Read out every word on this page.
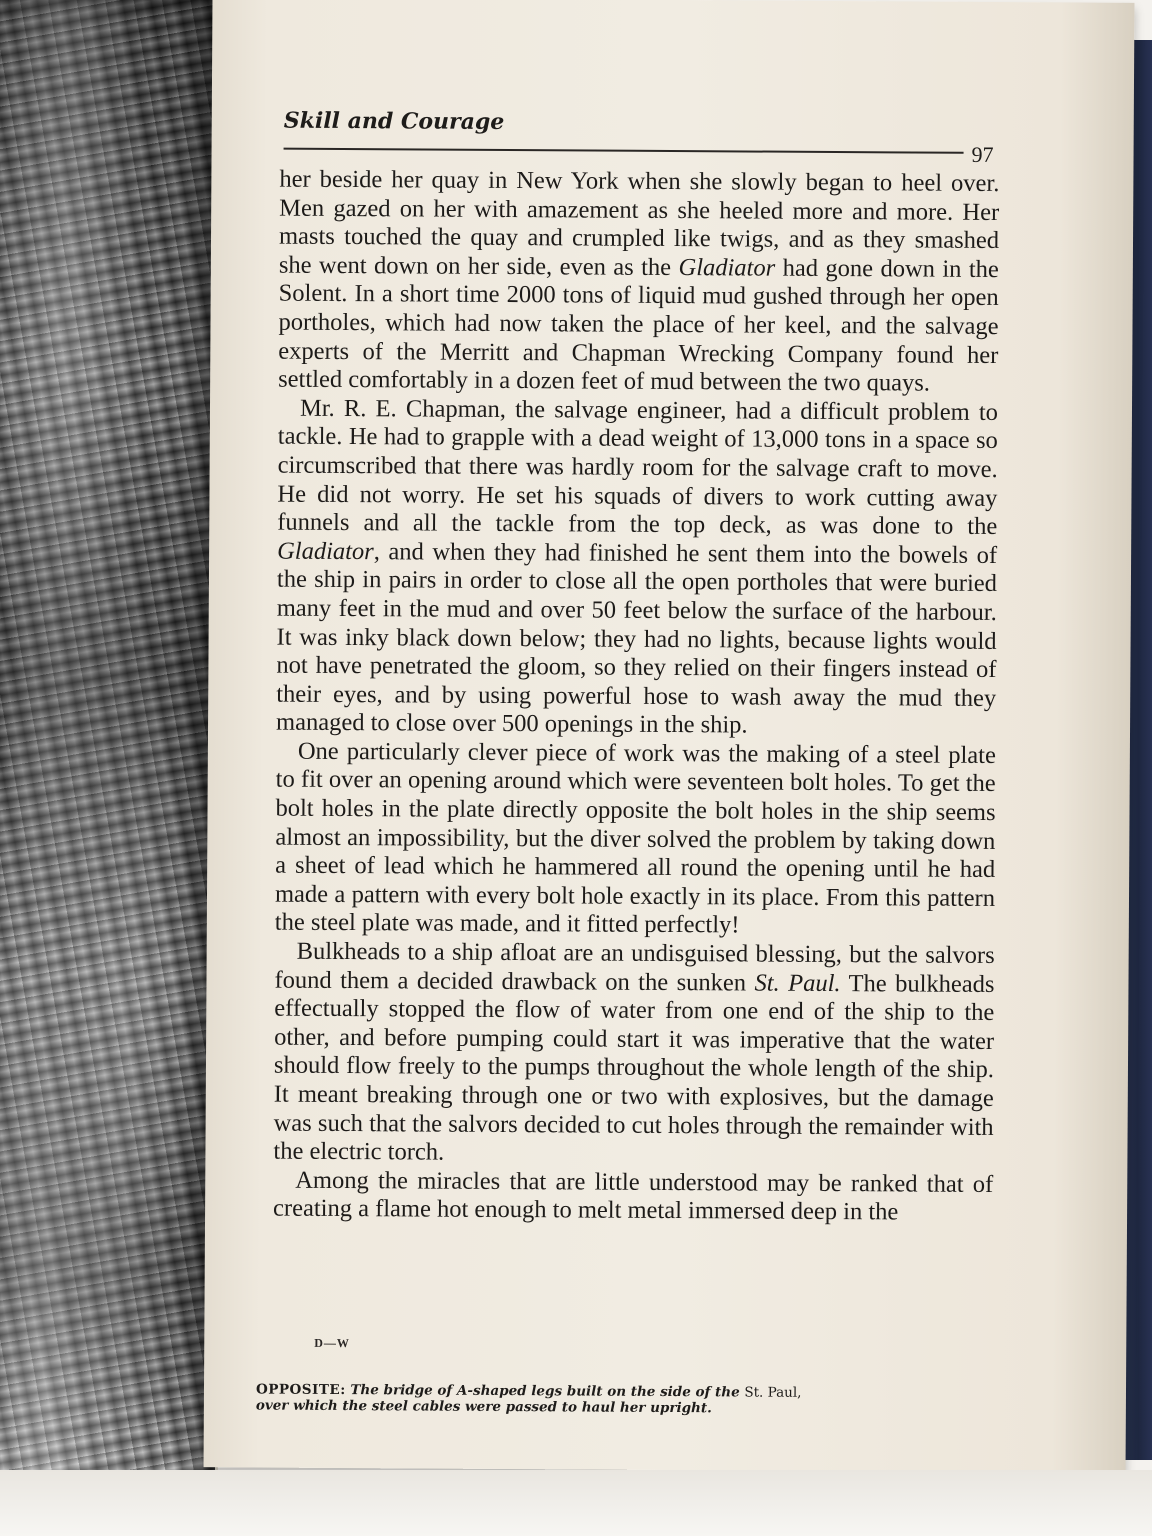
Skill and Courage
97

her beside her quay in New York when she slowly began to heel over. Men gazed on her with amazement as she heeled more and more. Her masts touched the quay and crumpled like twigs, and as they smashed she went down on her side, even as the Gladiator had gone down in the Solent. In a short time 2000 tons of liquid mud gushed through her open portholes, which had now taken the place of her keel, and the salvage experts of the Merritt and Chapman Wrecking Company found her settled comfortably in a dozen feet of mud between the two quays.

Mr. R. E. Chapman, the salvage engineer, had a difficult problem to tackle. He had to grapple with a dead weight of 13,000 tons in a space so circumscribed that there was hardly room for the salvage craft to move. He did not worry. He set his squads of divers to work cutting away funnels and all the tackle from the top deck, as was done to the Gladiator, and when they had finished he sent them into the bowels of the ship in pairs in order to close all the open portholes that were buried many feet in the mud and over 50 feet below the surface of the harbour. It was inky black down below; they had no lights, because lights would not have penetrated the gloom, so they relied on their fingers instead of their eyes, and by using powerful hose to wash away the mud they managed to close over 500 openings in the ship.

One particularly clever piece of work was the making of a steel plate to fit over an opening around which were seventeen bolt holes. To get the bolt holes in the plate directly opposite the bolt holes in the ship seems almost an impossibility, but the diver solved the problem by taking down a sheet of lead which he hammered all round the opening until he had made a pattern with every bolt hole exactly in its place. From this pattern the steel plate was made, and it fitted perfectly!

Bulkheads to a ship afloat are an undisguised blessing, but the salvors found them a decided drawback on the sunken St. Paul. The bulkheads effectually stopped the flow of water from one end of the ship to the other, and before pumping could start it was imperative that the water should flow freely to the pumps throughout the whole length of the ship. It meant breaking through one or two with explosives, but the damage was such that the salvors decided to cut holes through the remainder with the electric torch.

Among the miracles that are little understood may be ranked that of creating a flame hot enough to melt metal immersed deep in the

D—W
OPPOSITE: The bridge of A-shaped legs built on the side of the St. Paul, over which the steel cables were passed to haul her upright.
